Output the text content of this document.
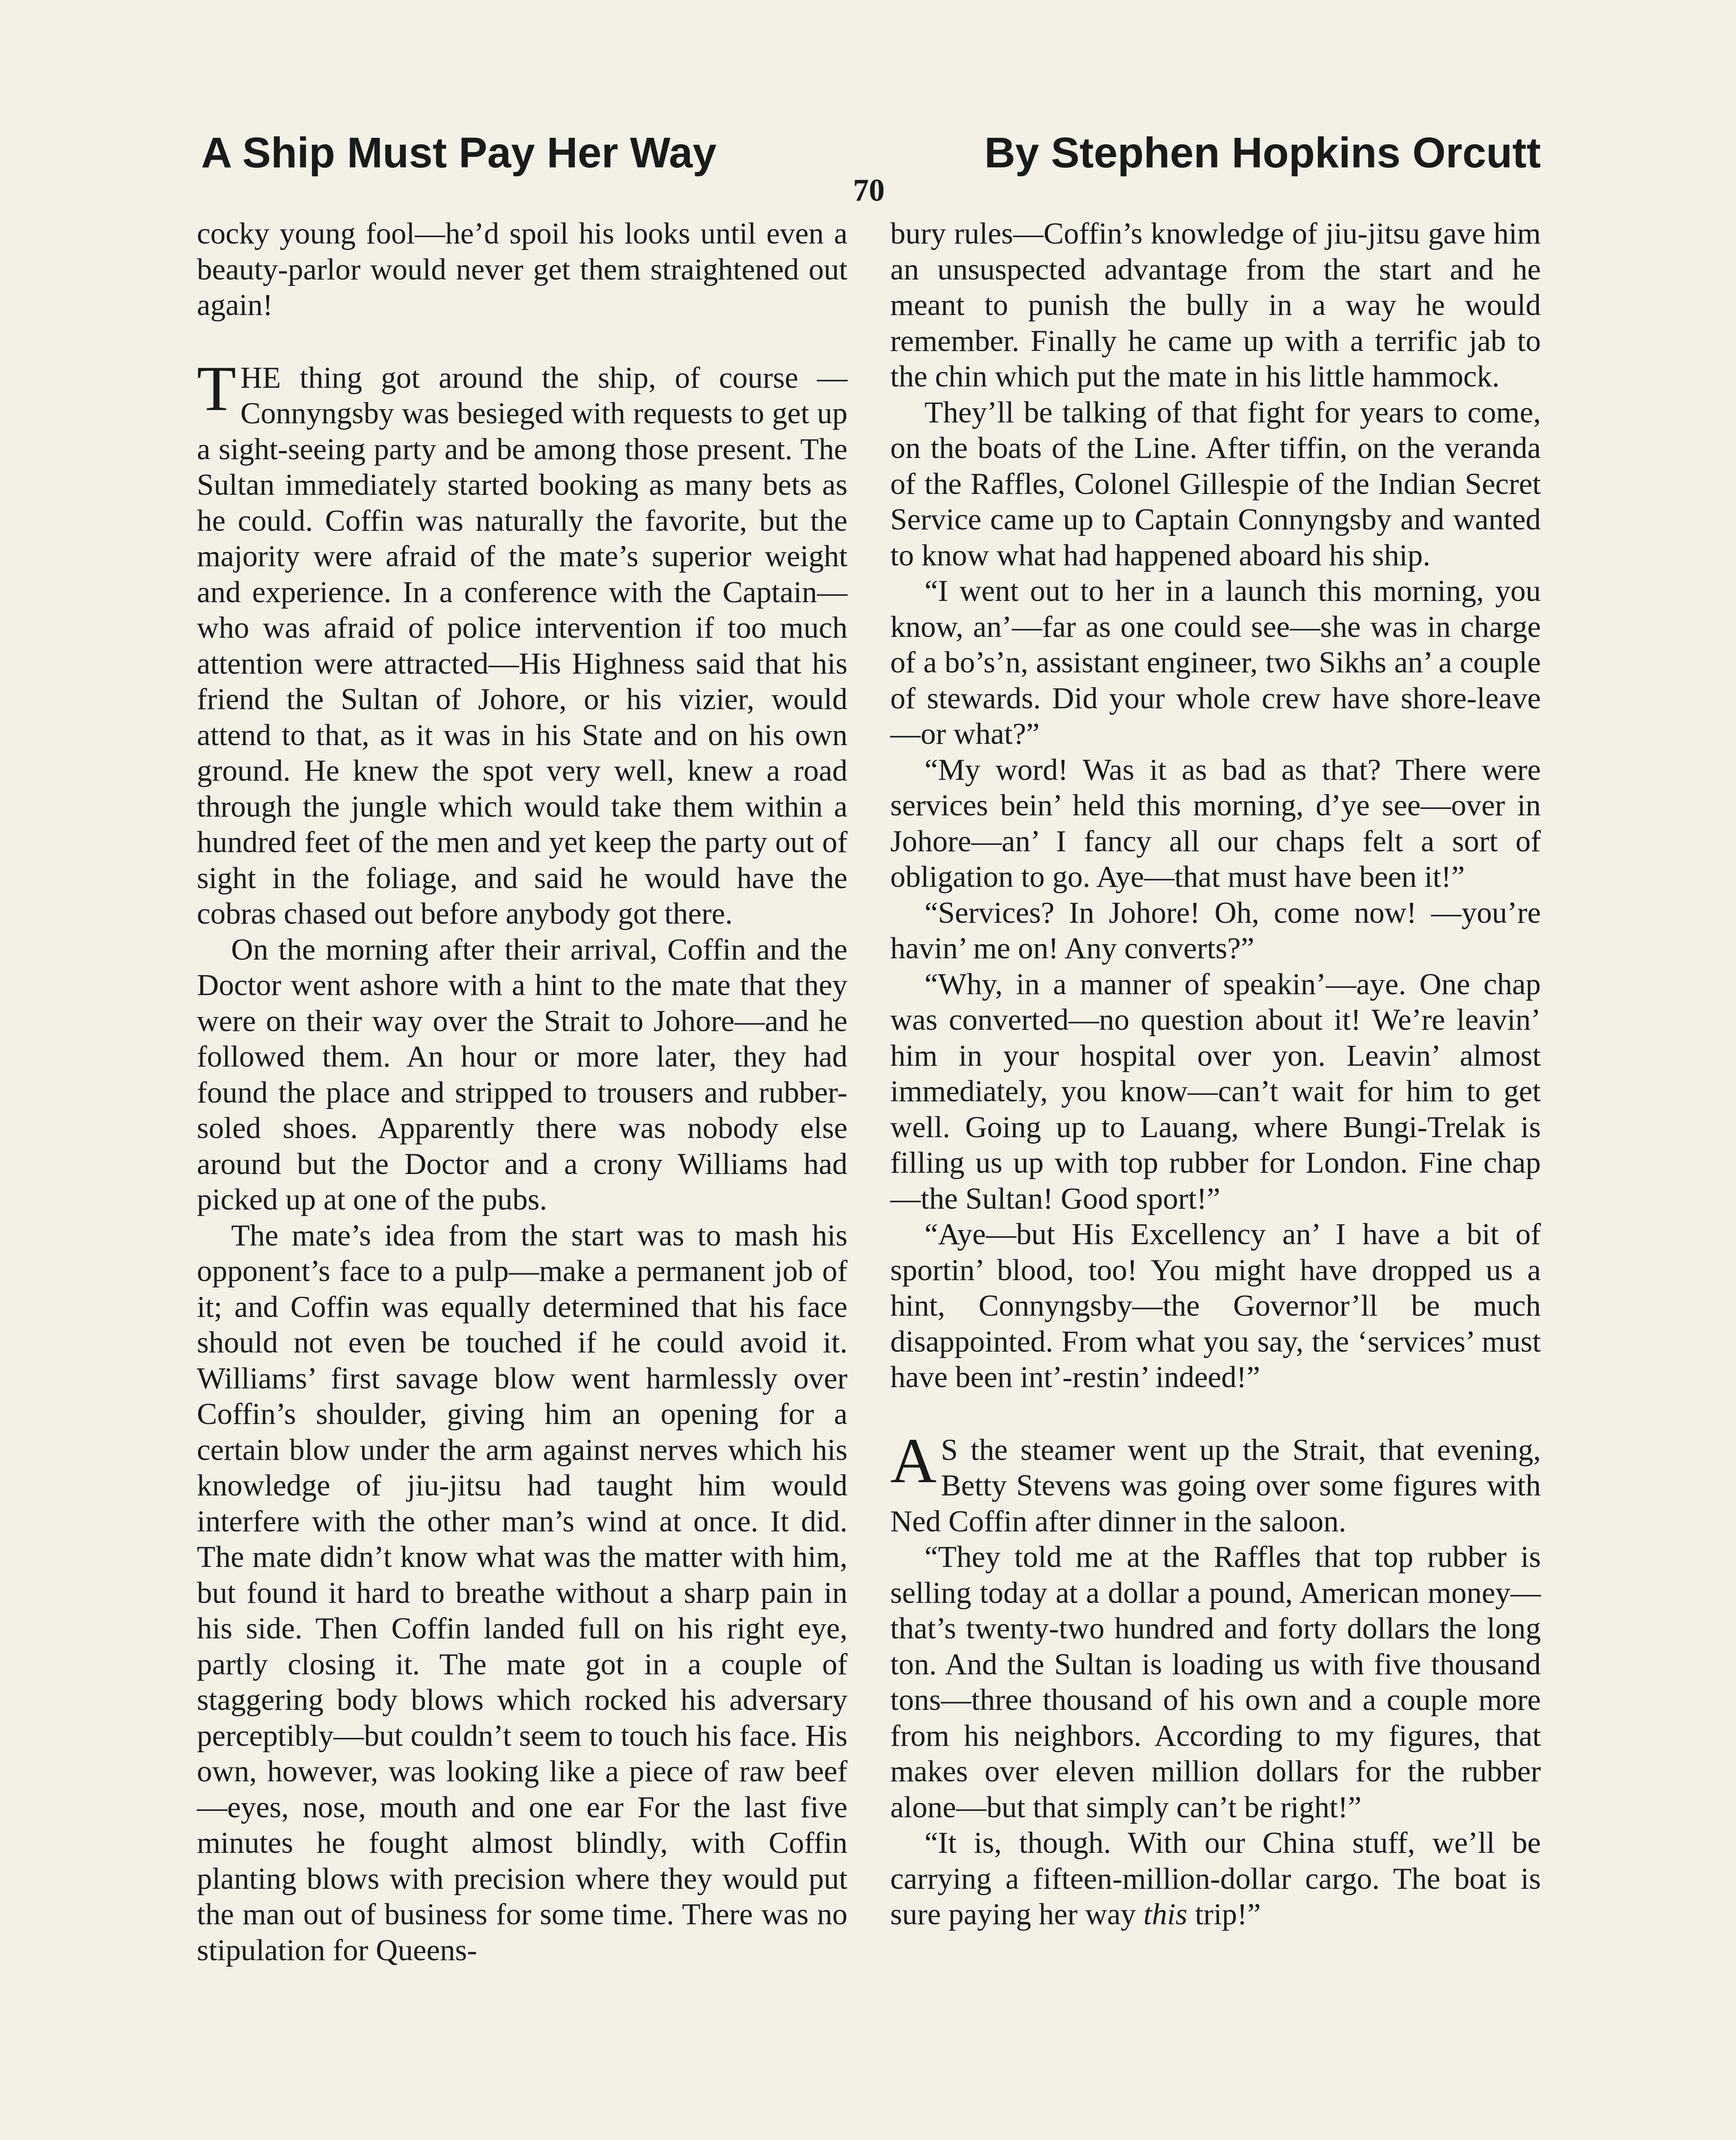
A Ship Must Pay Her Way	By Stephen Hopkins Orcutt
70

cocky young fool—he’d spoil his looks until even a beauty-parlor would never get them straightened out again!

THE thing got around the ship, of course —Connyngsby was besieged with requests to get up a sight-seeing party and be among those present. The Sultan immediately started booking as many bets as he could. Coffin was naturally the favorite, but the majority were afraid of the mate’s superior weight and experience. In a conference with the Captain—who was afraid of police intervention if too much attention were attracted—His Highness said that his friend the Sultan of Johore, or his vizier, would attend to that, as it was in his State and on his own ground. He knew the spot very well, knew a road through the jungle which would take them within a hundred feet of the men and yet keep the party out of sight in the foliage, and said he would have the cobras chased out before anybody got there.

On the morning after their arrival, Coffin and the Doctor went ashore with a hint to the mate that they were on their way over the Strait to Johore—and he followed them. An hour or more later, they had found the place and stripped to trousers and rubber-soled shoes. Apparently there was nobody else around but the Doctor and a crony Williams had picked up at one of the pubs.

The mate’s idea from the start was to mash his opponent’s face to a pulp—make a permanent job of it; and Coffin was equally determined that his face should not even be touched if he could avoid it. Williams’ first savage blow went harmlessly over Coffin’s shoulder, giving him an opening for a certain blow under the arm against nerves which his knowledge of jiu-jitsu had taught him would interfere with the other man’s wind at once. It did. The mate didn’t know what was the matter with him, but found it hard to breathe without a sharp pain in his side. Then Coffin landed full on his right eye, partly closing it. The mate got in a couple of staggering body blows which rocked his adversary perceptibly—but couldn’t seem to touch his face. His own, however, was looking like a piece of raw beef—eyes, nose, mouth and one ear For the last five minutes he fought almost blindly, with Coffin planting blows with precision where they would put the man out of business for some time. There was no stipulation for Queens-

bury rules—Coffin’s knowledge of jiu-jitsu gave him an unsuspected advantage from the start and he meant to punish the bully in a way he would remember. Finally he came up with a terrific jab to the chin which put the mate in his little hammock.

They’ll be talking of that fight for years to come, on the boats of the Line. After tiffin, on the veranda of the Raffles, Colonel Gillespie of the Indian Secret Service came up to Captain Connyngsby and wanted to know what had happened aboard his ship.

“I went out to her in a launch this morning, you know, an’—far as one could see—she was in charge of a bo’s’n, assistant engineer, two Sikhs an’ a couple of stewards. Did your whole crew have shore-leave—or what?”

“My word! Was it as bad as that? There were services bein’ held this morning, d’ye see—over in Johore—an’ I fancy all our chaps felt a sort of obligation to go. Aye—that must have been it!”

“Services? In Johore! Oh, come now! —you’re havin’ me on! Any converts?”

“Why, in a manner of speakin’—aye. One chap was converted—no question about it! We’re leavin’ him in your hospital over yon. Leavin’ almost immediately, you know—can’t wait for him to get well. Going up to Lauang, where Bungi-Trelak is filling us up with top rubber for London. Fine chap—the Sultan! Good sport!”

“Aye—but His Excellency an’ I have a bit of sportin’ blood, too! You might have dropped us a hint, Connyngsby—the Governor’ll be much disappointed. From what you say, the ‘services’ must have been int’-restin’ indeed!”

A S the steamer went up the Strait, that evening, Betty Stevens was going over some figures with Ned Coffin after dinner in the saloon.

“They told me at the Raffles that top rubber is selling today at a dollar a pound, American money—that’s twenty-two hundred and forty dollars the long ton. And the Sultan is loading us with five thousand tons—three thousand of his own and a couple more from his neighbors. According to my figures, that makes over eleven million dollars for the rubber alone—but that simply can’t be right!”

“It is, though. With our China stuff, we’ll be carrying a fifteen-million-dollar cargo. The boat is sure paying her way this trip!”
